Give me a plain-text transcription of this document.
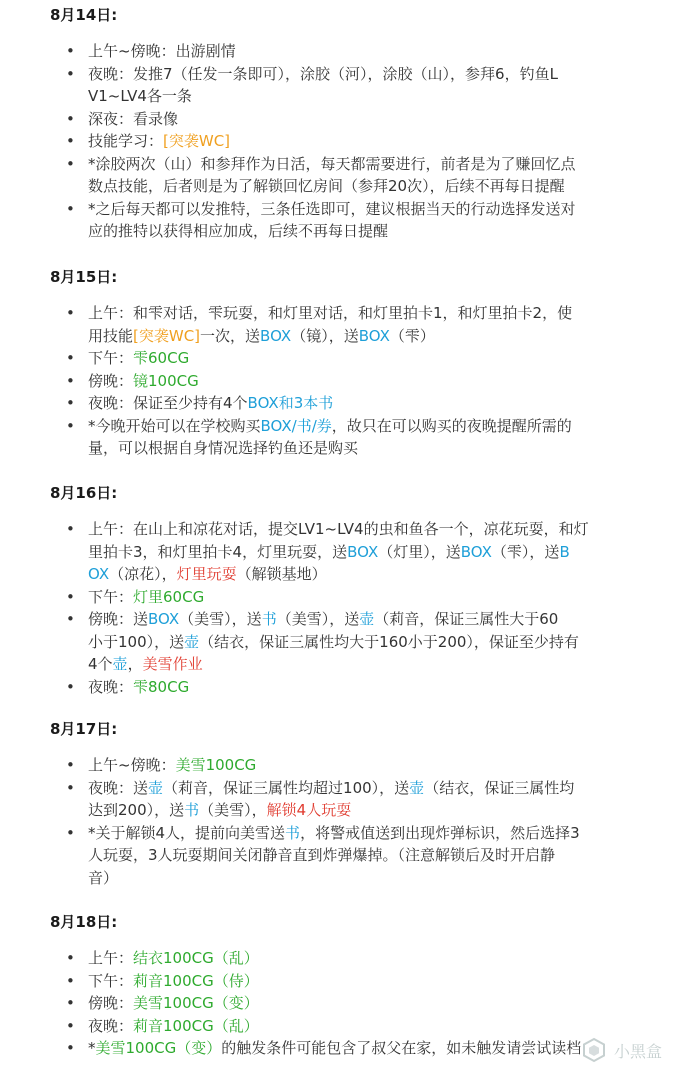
8月14日:
• 上午~傍晚：出游剧情
• 夜晚：发推7（任发一条即可），涂胶（河），涂胶（山），参拜6，钓鱼L
V1~LV4各一条
• 深夜：看录像
• 技能学习：[突袭WC]
• *涂胶两次（山）和参拜作为日活，每天都需要进行，前者是为了赚回忆点
数点技能，后者则是为了解锁回忆房间（参拜20次），后续不再每日提醒
• *之后每天都可以发推特，三条任选即可，建议根据当天的行动选择发送对
应的推特以获得相应加成，后续不再每日提醒
8月15日:
• 上午：和雫对话，雫玩耍，和灯里对话，和灯里拍卡1，和灯里拍卡2，使
用技能[突袭WC]一次，送BOX（镜），送BOX（雫）
• 下午：雫60CG
• 傍晚：镜100CG
• 夜晚：保证至少持有4个BOX和3本书
• *今晚开始可以在学校购买BOX/书/券，故只在可以购买的夜晚提醒所需的
量，可以根据自身情况选择钓鱼还是购买
8月16日:
• 上午：在山上和凉花对话，提交LV1~LV4的虫和鱼各一个，凉花玩耍，和灯
里拍卡3，和灯里拍卡4，灯里玩耍，送BOX（灯里），送BOX（雫），送B
OX（凉花），灯里玩耍（解锁基地）
• 下午：灯里60CG
• 傍晚：送BOX（美雪），送书（美雪），送壶（莉音，保证三属性大于60
小于100），送壶（结衣，保证三属性均大于160小于200），保证至少持有
4个壶，美雪作业
• 夜晚：雫80CG
8月17日:
• 上午~傍晚：美雪100CG
• 夜晚：送壶（莉音，保证三属性均超过100），送壶（结衣，保证三属性均
达到200），送书（美雪），解锁4人玩耍
• *关于解锁4人，提前向美雪送书，将警戒值送到出现炸弹标识，然后选择3
人玩耍，3人玩耍期间关闭静音直到炸弹爆掉。（注意解锁后及时开启静
音）
8月18日:
• 上午：结衣100CG（乱）
• 下午：莉音100CG（侍）
• 傍晚：美雪100CG（变）
• 夜晚：莉音100CG（乱）
• *美雪100CG（变）的触发条件可能包含了叔父在家，如未触发请尝试读档 小黑盒
